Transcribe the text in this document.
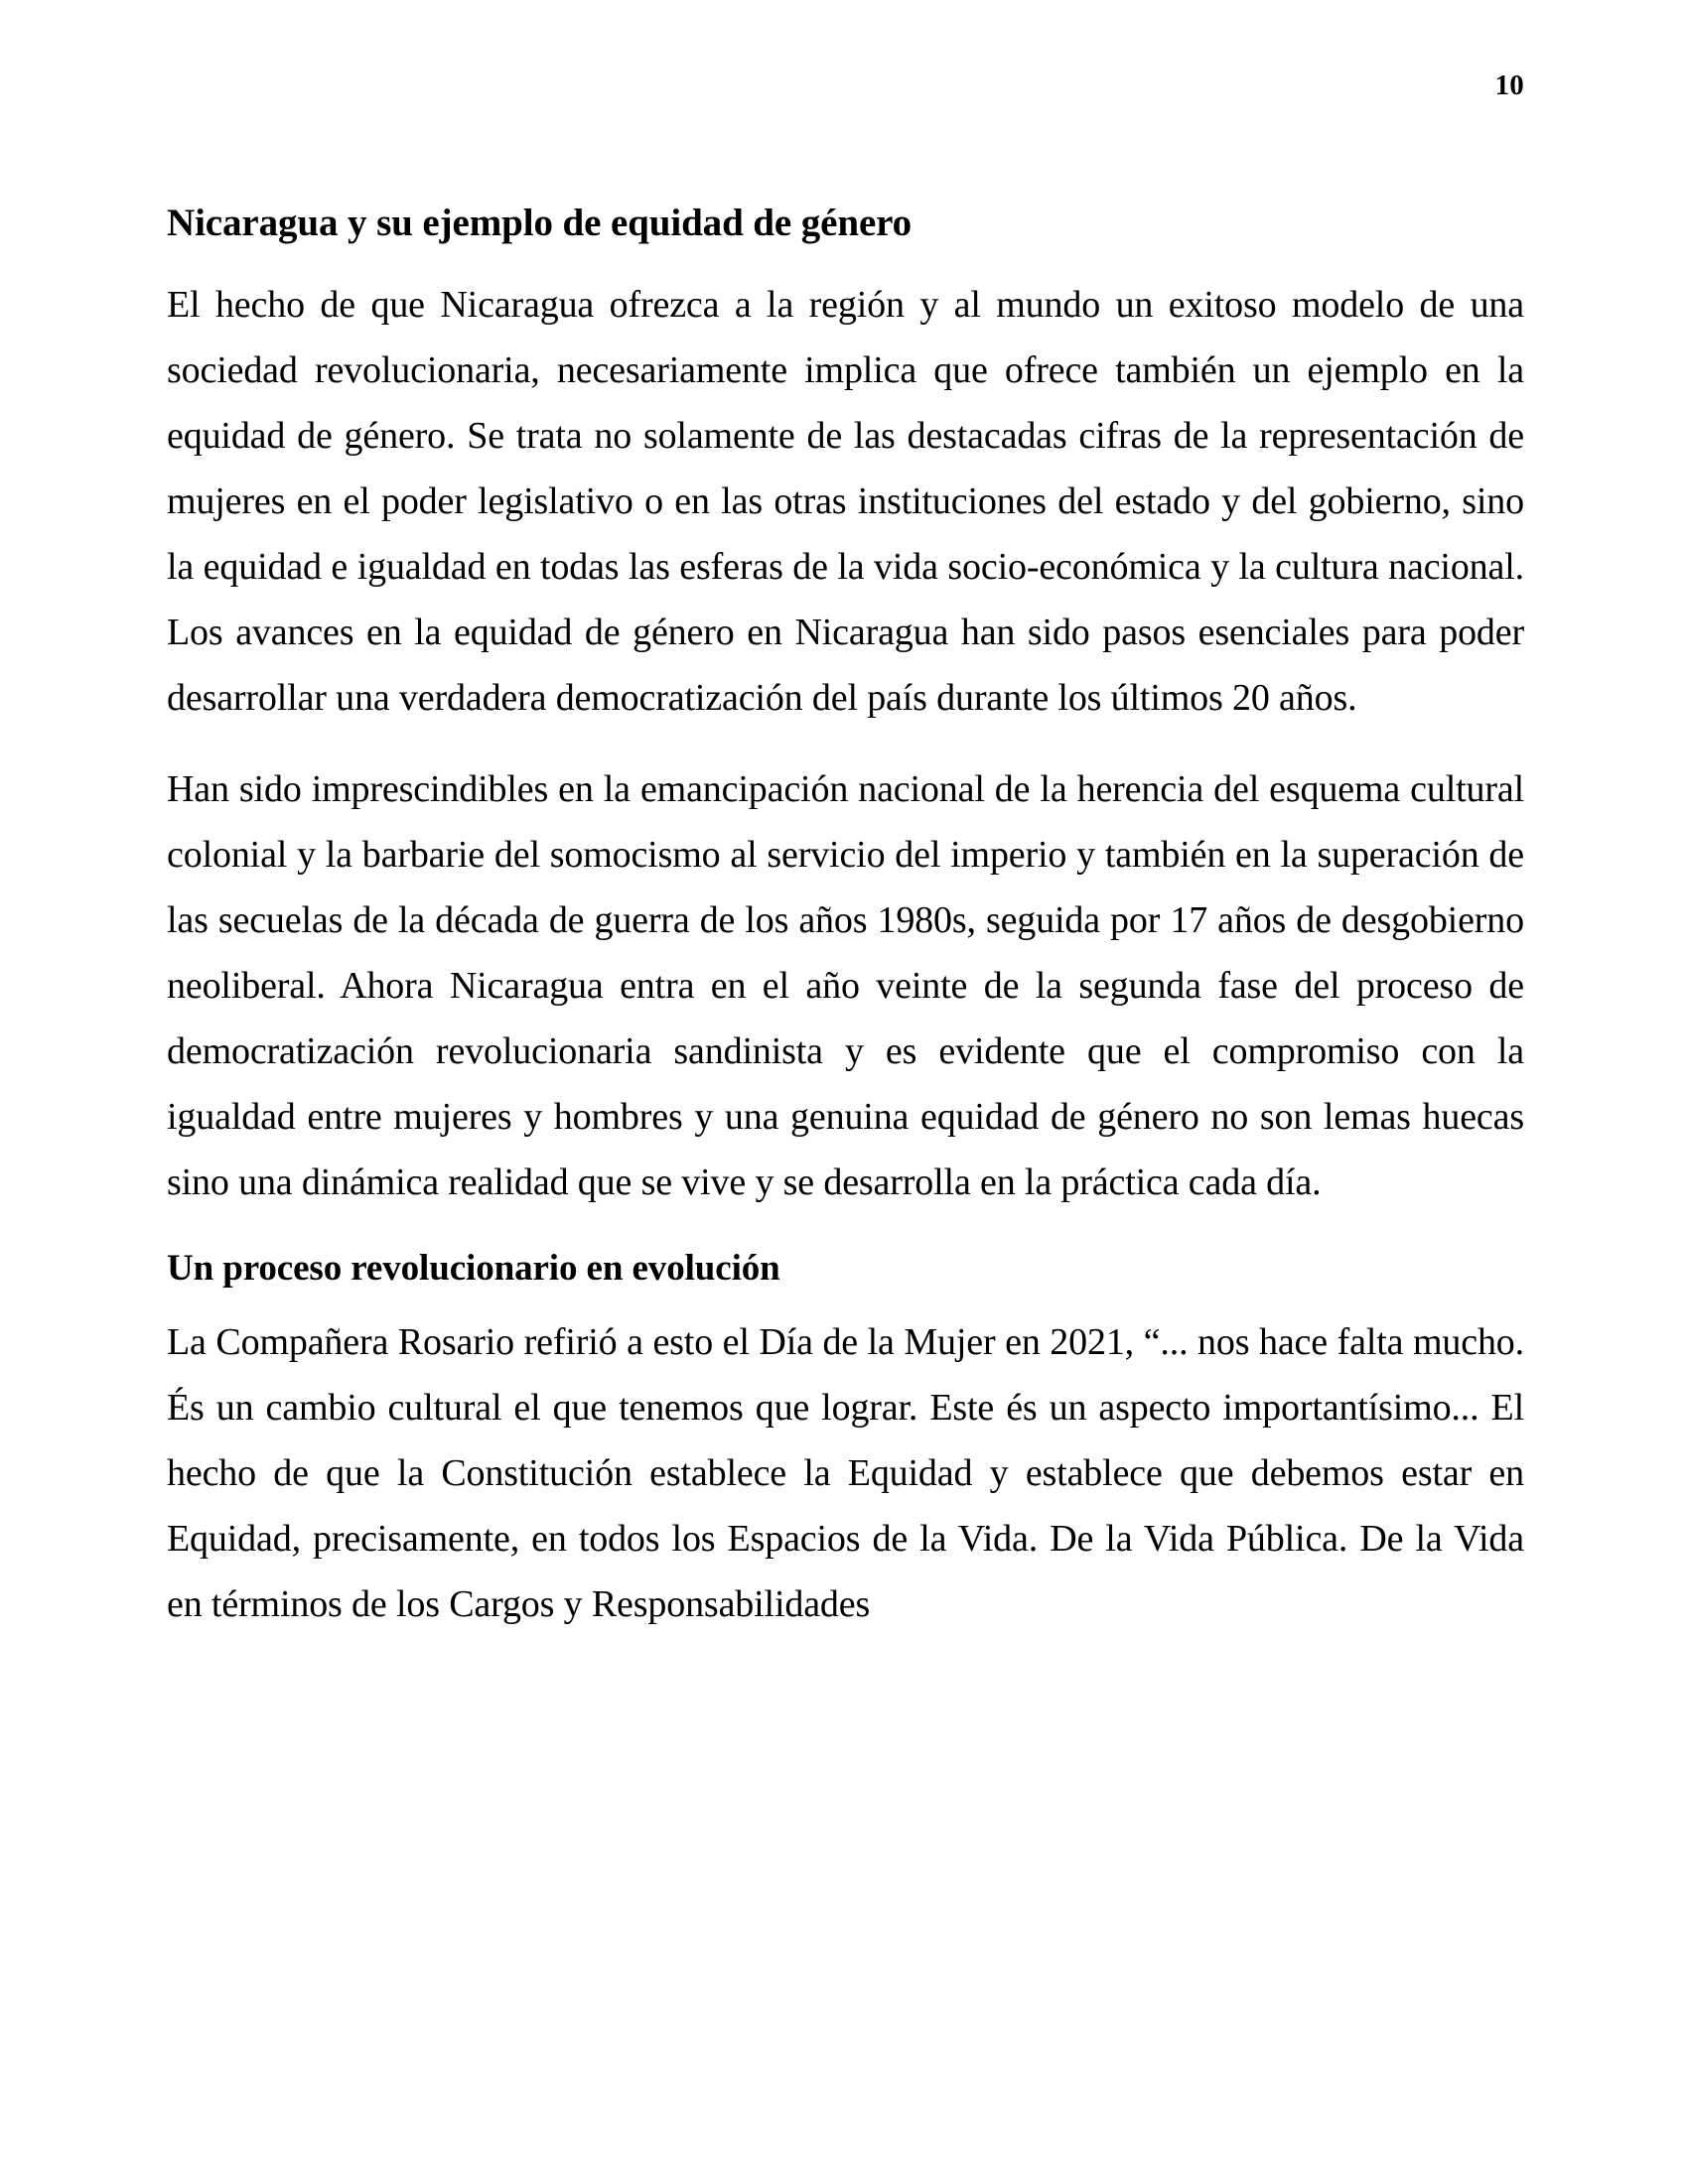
10
Nicaragua y su ejemplo de equidad de género

El hecho de que Nicaragua ofrezca a la región y al mundo un exitoso modelo de una sociedad revolucionaria, necesariamente implica que ofrece también un ejemplo en la equidad de género. Se trata no solamente de las destacadas cifras de la representación de mujeres en el poder legislativo o en las otras instituciones del estado y del gobierno, sino la equidad e igualdad en todas las esferas de la vida socio-económica y la cultura nacional. Los avances en la equidad de género en Nicaragua han sido pasos esenciales para poder desarrollar una verdadera democratización del país durante los últimos 20 años.

Han sido imprescindibles en la emancipación nacional de la herencia del esquema cultural colonial y la barbarie del somocismo al servicio del imperio y también en la superación de las secuelas de la década de guerra de los años 1980s, seguida por 17 años de desgobierno neoliberal. Ahora Nicaragua entra en el año veinte de la segunda fase del proceso de democratización revolucionaria sandinista y es evidente que el compromiso con la igualdad entre mujeres y hombres y una genuina equidad de género no son lemas huecas sino una dinámica realidad que se vive y se desarrolla en la práctica cada día.

Un proceso revolucionario en evolución

La Compañera Rosario refirió a esto el Día de la Mujer en 2021, “... nos hace falta mucho. És un cambio cultural el que tenemos que lograr. Este és un aspecto importantísimo... El hecho de que la Constitución establece la Equidad y establece que debemos estar en Equidad, precisamente, en todos los Espacios de la Vida. De la Vida Pública. De la Vida en términos de los Cargos y Responsabilidades
